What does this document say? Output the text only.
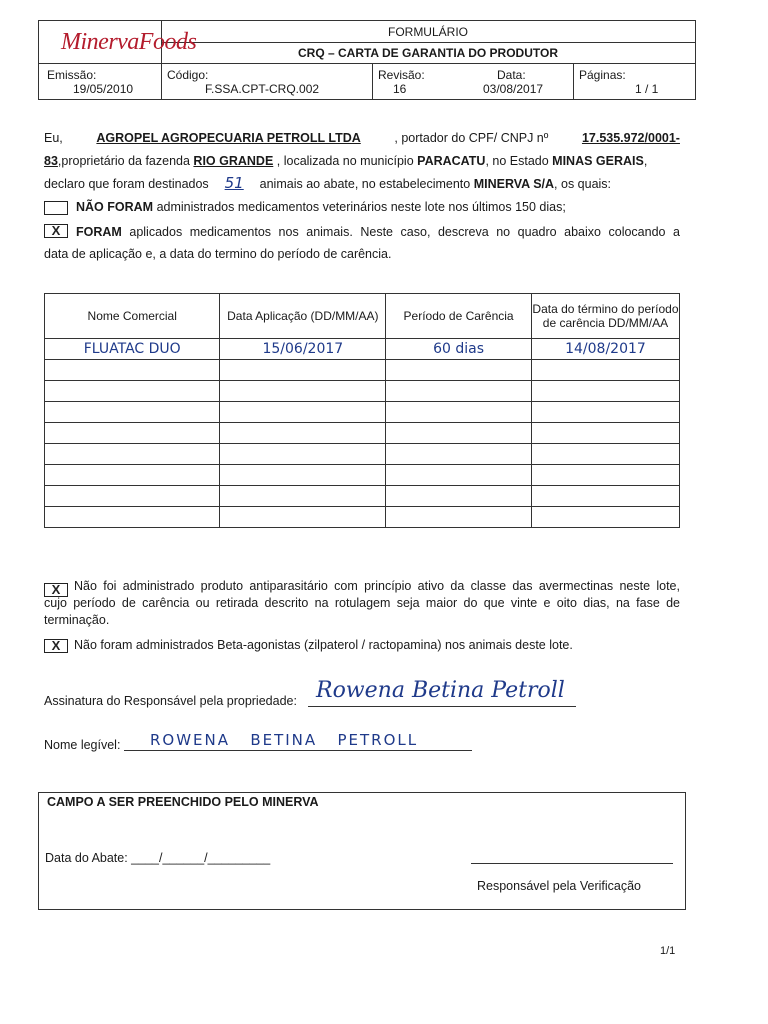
MinervaFoods	FORMULÁRIO
CRQ – CARTA DE GARANTIA DO PRODUTOR
Emissão:
19/05/2010
Código:
F.SSA.CPT-CRQ.002
Revisão:
16
Data:
03/08/2017
Páginas:
1 / 1
Eu,	AGROPEL AGROPECUARIA PETROLL LTDA	, portador do CPF/ CNPJ nº	17.535.972/0001-
83,proprietário da fazenda RIO GRANDE , localizada no município PARACATU, no Estado MINAS GERAIS,
declaro que foram destinados 51 animais ao abate, no estabelecimento MINERVA S/A, os quais:
NÃO FORAM administrados medicamentos veterinários neste lote nos últimos 150 dias;
X	FORAM aplicados medicamentos nos animais. Neste caso, descreva no quadro abaixo colocando a
data de aplicação e, a data do termino do período de carência.
Nome Comercial	Data Aplicação (DD/MM/AA)	Período de Carência	Data do término do período de carência DD/MM/AA
FLUATAC DUO	15/06/2017	60 dias	14/08/2017

X	Não foi administrado produto antiparasitário com princípio ativo da classe das avermectinas neste lote,
cujo período de carência ou retirada descrito na rotulagem seja maior do que vinte e oito dias, na fase de
terminação.
X	Não foram administrados Beta-agonistas (zilpaterol / ractopamina) nos animais deste lote.
Assinatura do Responsável pela propriedade: Rowena Betina Petroll
Nome legível: ROWENA   BETINA   PETROLL
CAMPO A SER PREENCHIDO PELO MINERVA
Data do Abate: ____/______/_________
Responsável pela Verificação
1/1
